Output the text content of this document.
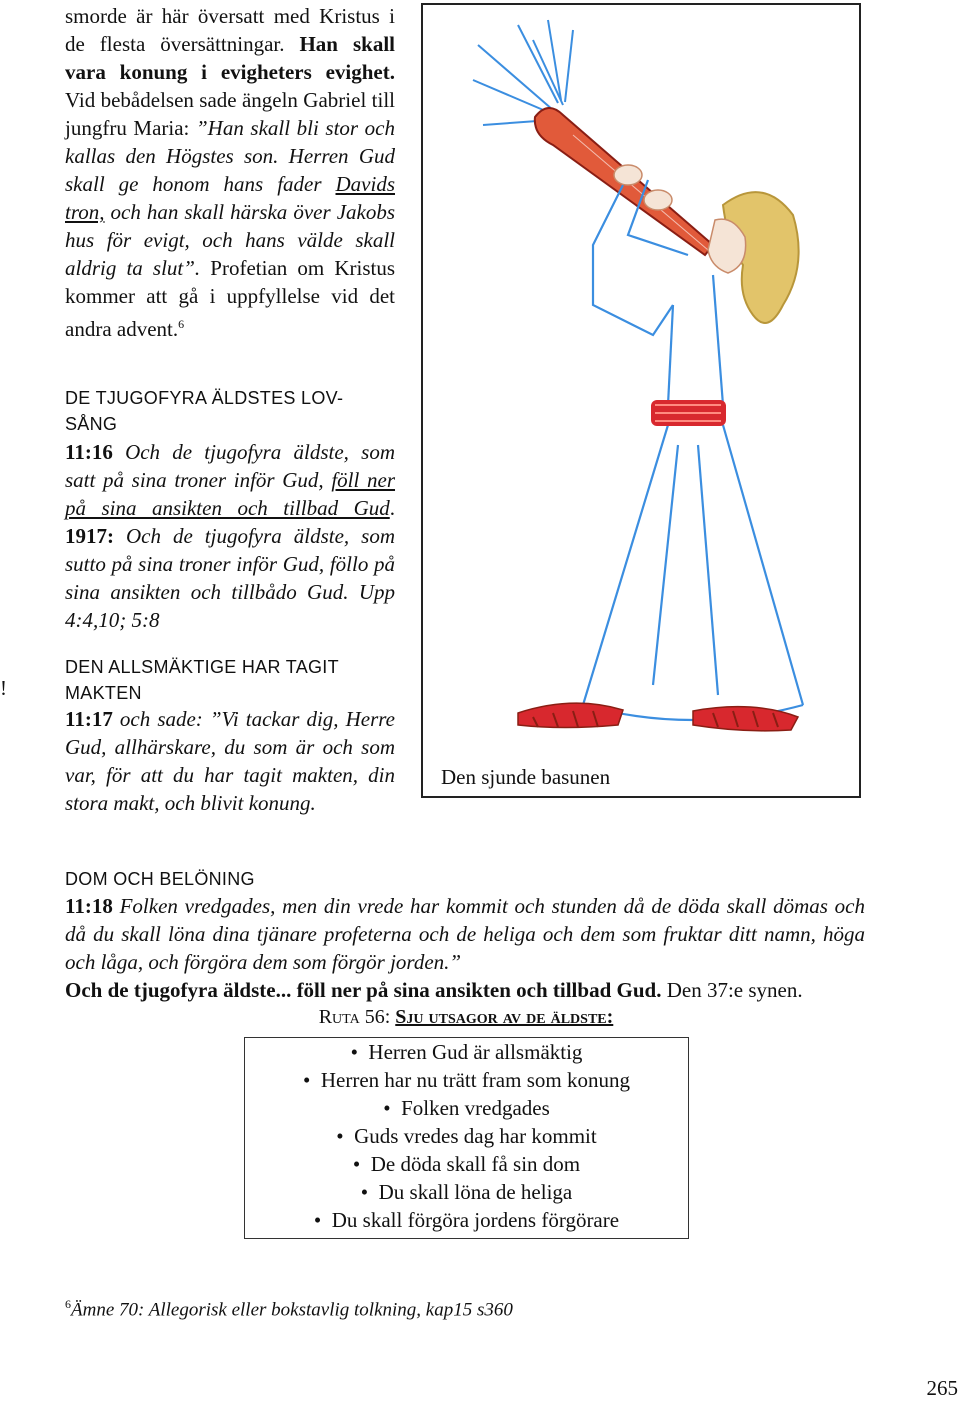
smorde är här översatt med Kristus i de flesta översättningar. Han skall vara konung i evigheters evighet. Vid bebådelsen sade ängeln Gabriel till jungfru Maria: ”Han skall bli stor och kallas den Högstes son. Herren Gud skall ge honom hans fader Davids tron, och han skall härska över Jakobs hus för evigt, och hans välde skall aldrig ta slut”. Profetian om Kristus kommer att gå i uppfyllelse vid det andra advent.$^6$

DE TJUGOFYRA ÄLDSTES LOV-SÅNG

11:16 Och de tjugofyra äldste, som satt på sina troner inför Gud, föll ner på sina ansikten och tillbad Gud. 1917: Och de tjugofyra äldste, som sutto på sina troner inför Gud, föllo på sina ansikten och tillbådo Gud. Upp 4:4,10; 5:8

DEN ALLSMÄKTIGE HAR TAGIT MAKTEN

11:17 och sade: ”Vi tackar dig, Herre Gud, allhärskare, du som är och som var, för att du har tagit makten, din stora makt, och blivit konung.

!
Den sjunde basunen

DOM OCH BELÖNING

11:18 Folken vredgades, men din vrede har kommit och stunden då de döda skall dömas och då du skall löna dina tjänare profeterna och de heliga och dem som fruktar ditt namn, höga och låga, och förgöra dem som förgör jorden.”

Och de tjugofyra äldste... föll ner på sina ansikten och tillbad Gud. Den 37:e synen.

Ruta 56: Sju utsagor av de äldste:
•  Herren Gud är allsmäktig
•  Herren har nu trätt fram som konung
•  Folken vredgades
•  Guds vredes dag har kommit
•  De döda skall få sin dom
•  Du skall löna de heliga
•  Du skall förgöra jordens förgörare
$^6$Ämne 70: Allegorisk eller bokstavlig tolkning, kap15 s360
265
